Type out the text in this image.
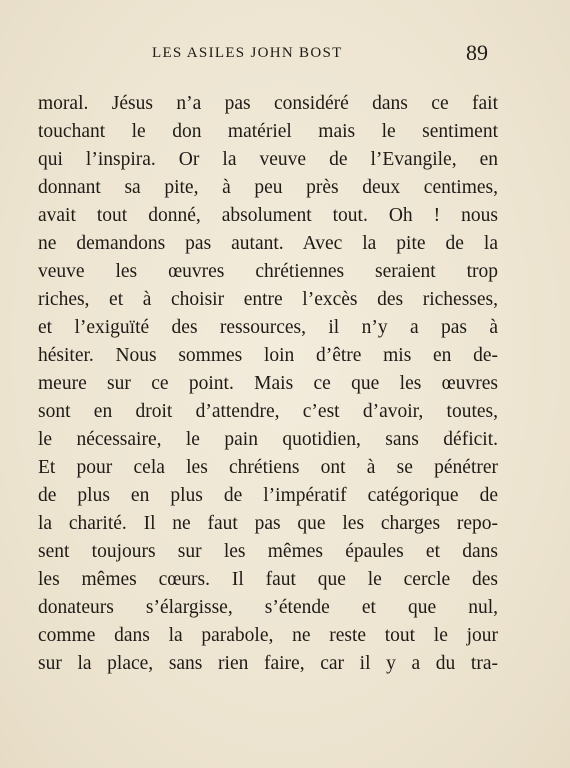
LES ASILES JOHN BOST	89
moral. Jésus n’a pas considéré dans ce fait
touchant le don matériel mais le sentiment
qui l’inspira. Or la veuve de l’Evangile, en
donnant sa pite, à peu près deux centimes,
avait tout donné, absolument tout. Oh ! nous
ne demandons pas autant. Avec la pite de la
veuve les œuvres chrétiennes seraient trop
riches, et à choisir entre l’excès des richesses,
et l’exiguïté des ressources, il n’y a pas à
hésiter. Nous sommes loin d’être mis en de-
meure sur ce point. Mais ce que les œuvres
sont en droit d’attendre, c’est d’avoir, toutes,
le nécessaire, le pain quotidien, sans déficit.
Et pour cela les chrétiens ont à se pénétrer
de plus en plus de l’impératif catégorique de
la charité. Il ne faut pas que les charges repo-
sent toujours sur les mêmes épaules et dans
les mêmes cœurs. Il faut que le cercle des
donateurs s’élargisse, s’étende et que nul,
comme dans la parabole, ne reste tout le jour
sur la place, sans rien faire, car il y a du tra-
